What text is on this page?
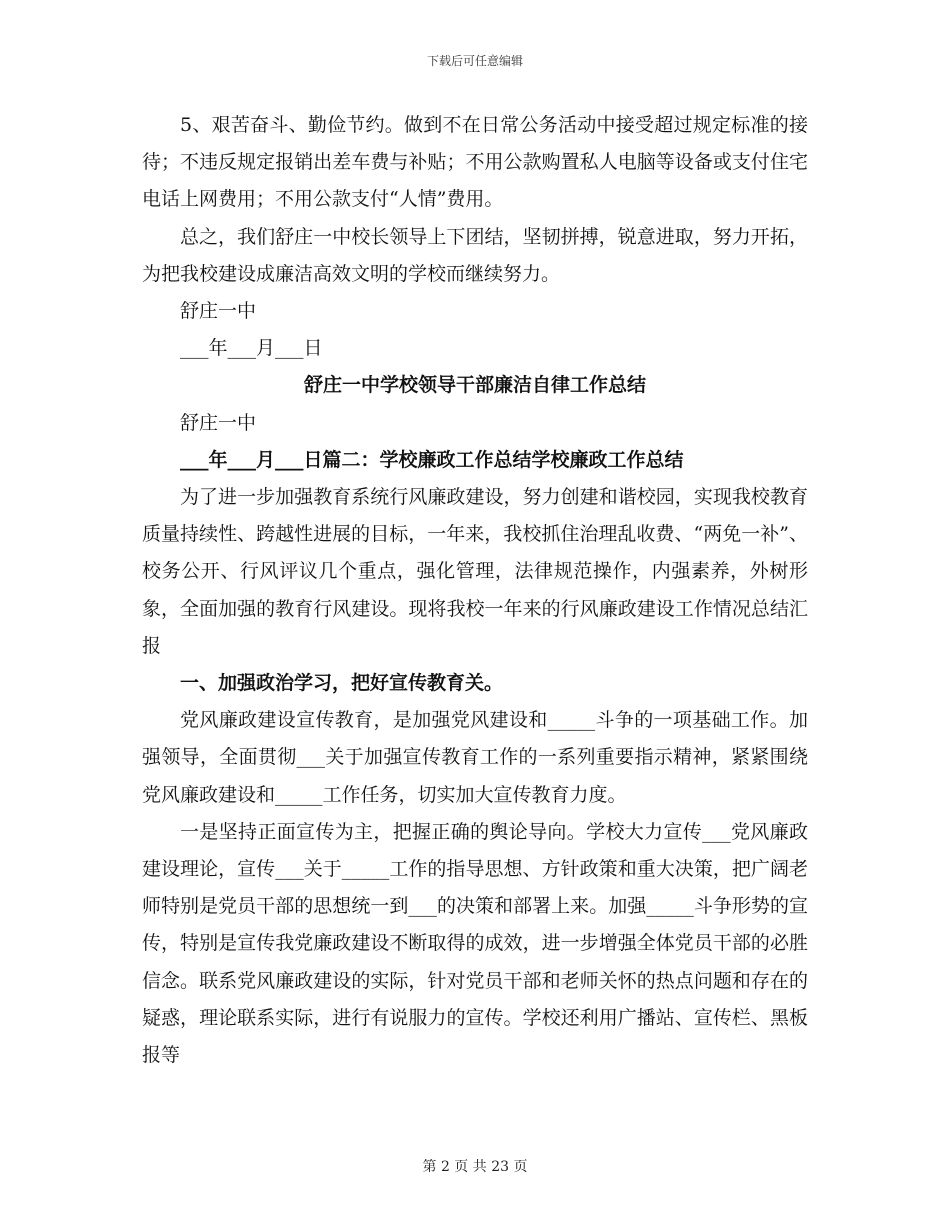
下载后可任意编辑

5、艰苦奋斗、勤俭节约。做到不在日常公务活动中接受超过规定标准的接待；不违反规定报销出差车费与补贴；不用公款购置私人电脑等设备或支付住宅电话上网费用；不用公款支付“人情”费用。

总之，我们舒庄一中校长领导上下团结，坚韧拼搏，锐意进取，努力开拓，为把我校建设成廉洁高效文明的学校而继续努力。

舒庄一中

___年___月___日

舒庄一中学校领导干部廉洁自律工作总结

舒庄一中

___年___月___日篇二：学校廉政工作总结学校廉政工作总结

为了进一步加强教育系统行风廉政建设，努力创建和谐校园，实现我校教育质量持续性、跨越性进展的目标，一年来，我校抓住治理乱收费、“两免一补”、校务公开、行风评议几个重点，强化管理，法律规范操作，内强素养，外树形象，全面加强的教育行风建设。现将我校一年来的行风廉政建设工作情况总结汇报

一、加强政治学习，把好宣传教育关。

党风廉政建设宣传教育，是加强党风建设和_____斗争的一项基础工作。加强领导，全面贯彻___关于加强宣传教育工作的一系列重要指示精神，紧紧围绕党风廉政建设和_____工作任务，切实加大宣传教育力度。

一是坚持正面宣传为主，把握正确的舆论导向。学校大力宣传___党风廉政建设理论，宣传___关于_____工作的指导思想、方针政策和重大决策，把广阔老师特别是党员干部的思想统一到___的决策和部署上来。加强_____斗争形势的宣传，特别是宣传我党廉政建设不断取得的成效，进一步增强全体党员干部的必胜信念。联系党风廉政建设的实际，针对党员干部和老师关怀的热点问题和存在的疑惑，理论联系实际，进行有说服力的宣传。学校还利用广播站、宣传栏、黑板报等

第 2 页 共 23 页
